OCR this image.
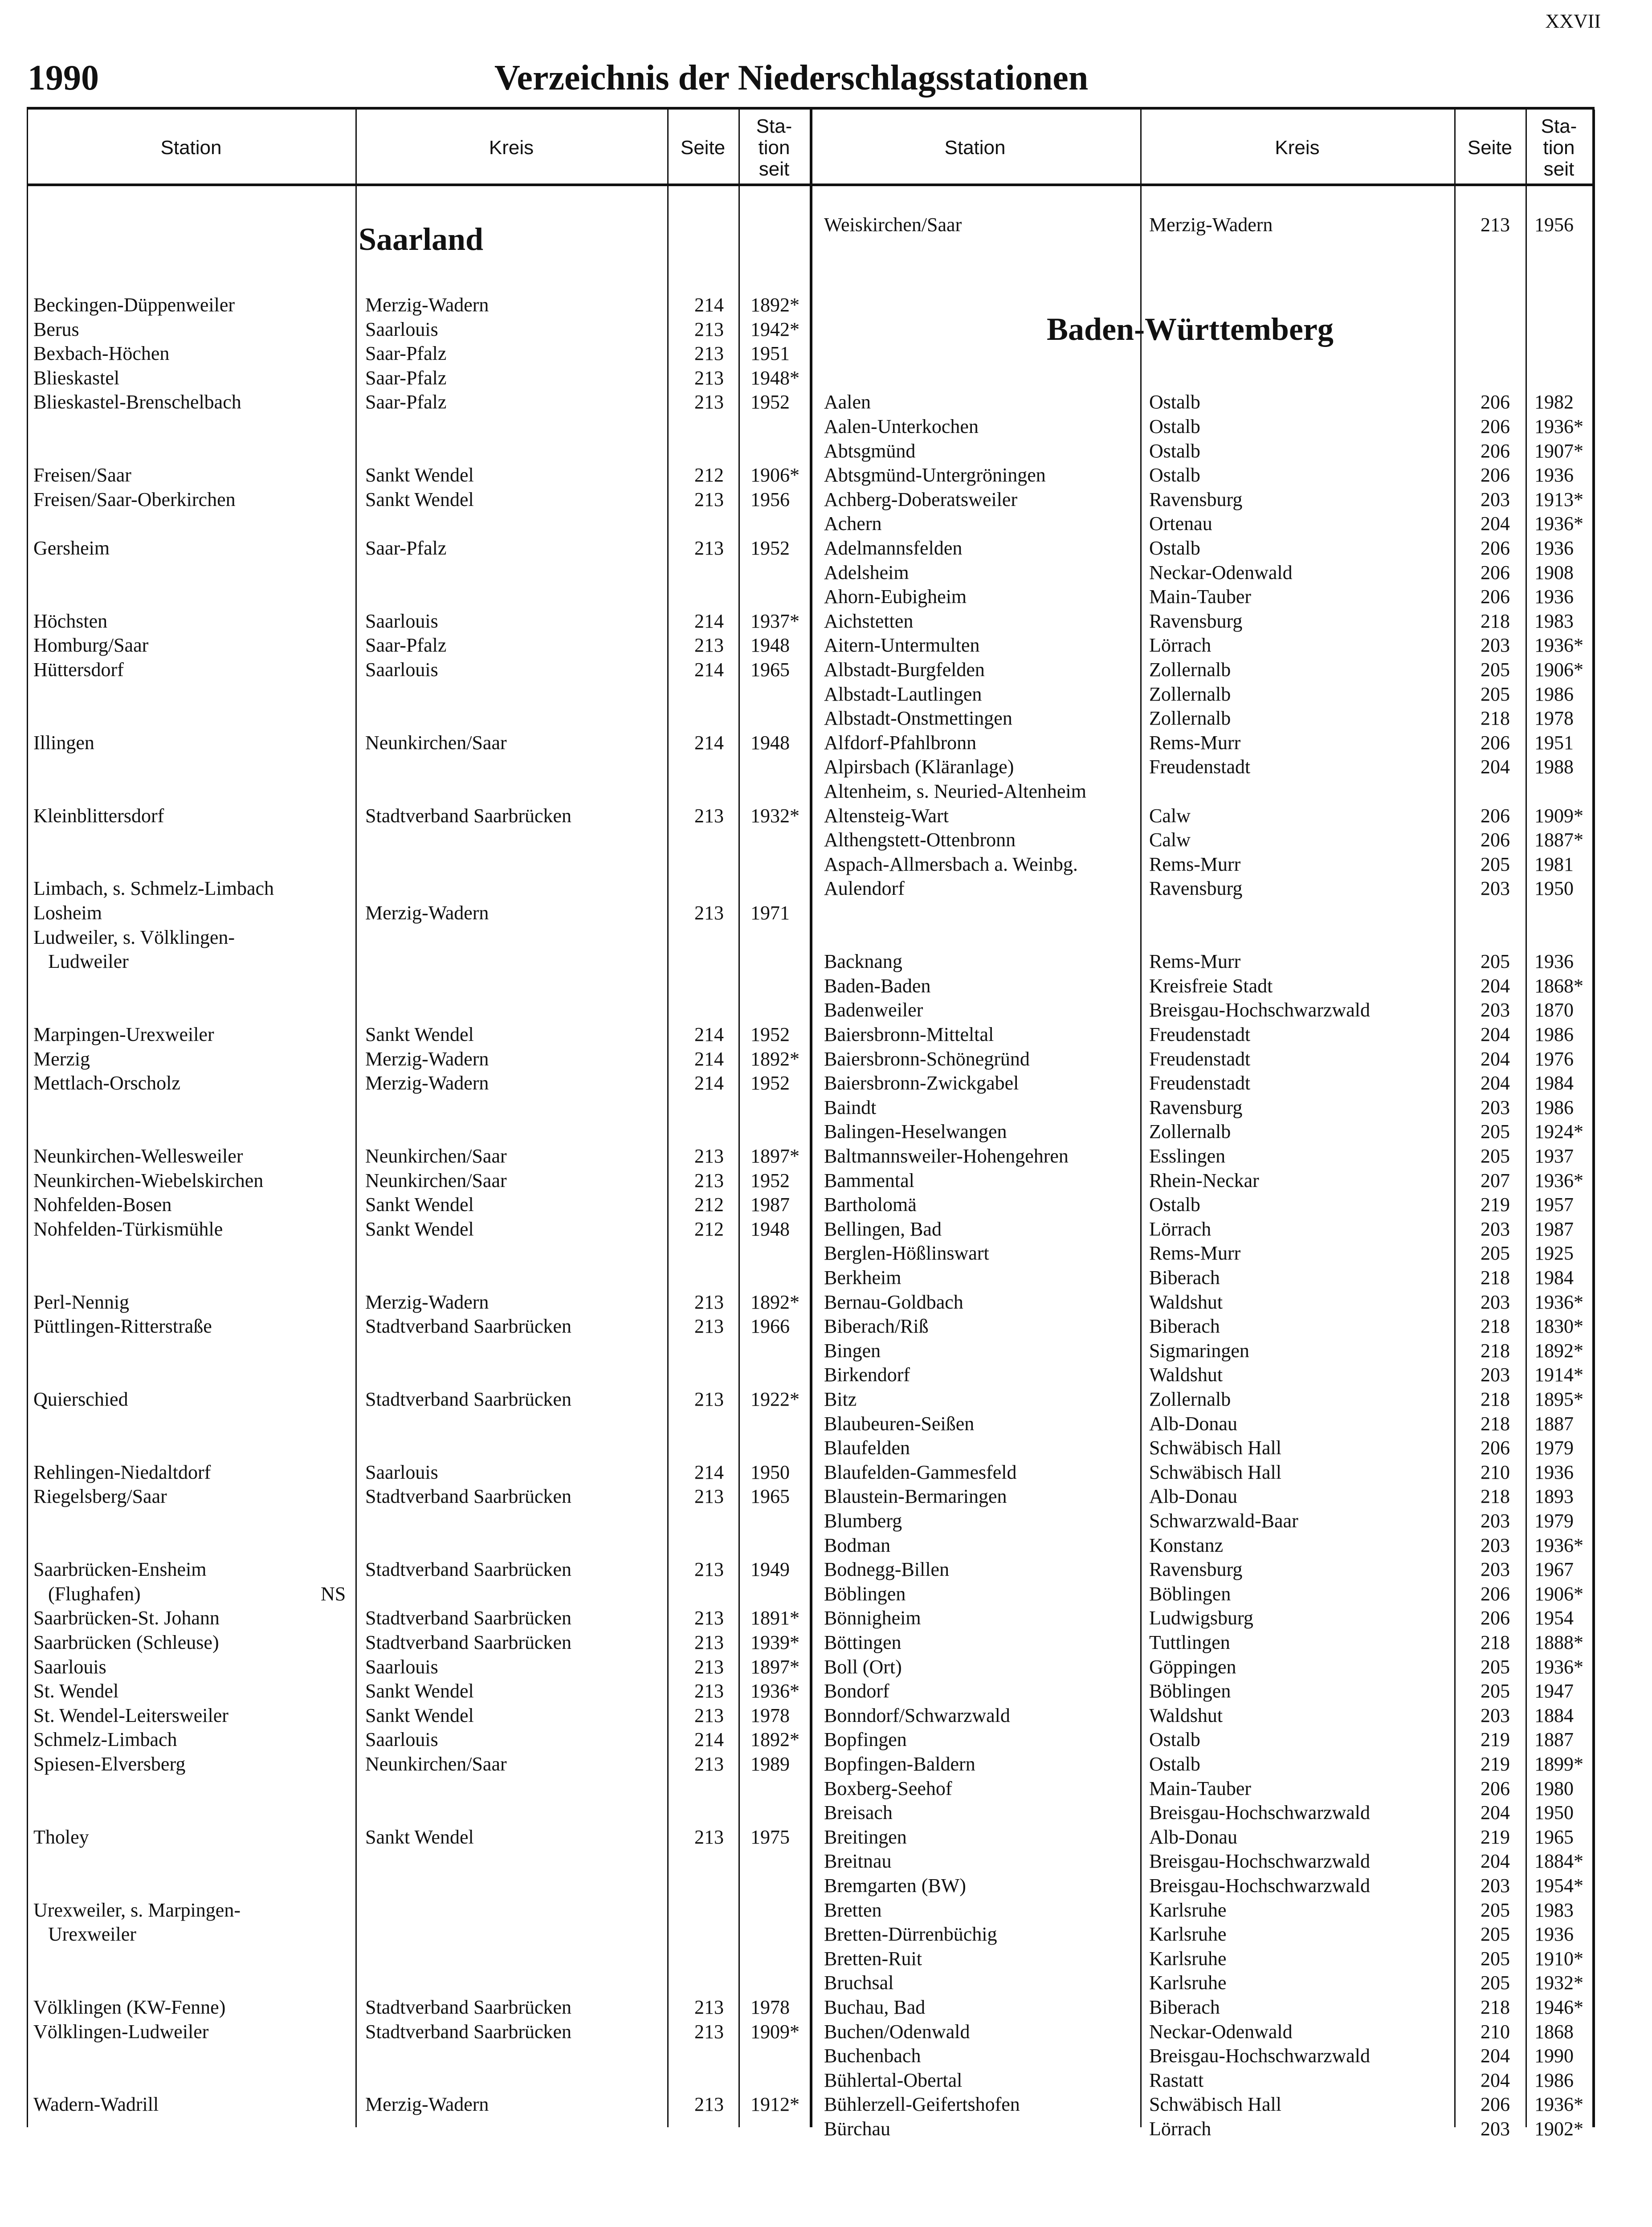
XXVII
1990	Verzeichnis der Niederschlagsstationen
Station	Kreis	Seite
Sta-
tion
seit
Station	Kreis	Seite
Sta-
tion
seit
Saarland
Baden-Württemberg
Weiskirchen/Saar	Merzig-Wadern	213 1956
Beckingen-Düppenweiler	Merzig-Wadern	214 1892*
Berus	Saarlouis	213 1942*
Bexbach-Höchen	Saar-Pfalz	213 1951
Blieskastel	Saar-Pfalz	213 1948*
Blieskastel-Brenschelbach	Saar-Pfalz	213 1952
Freisen/Saar	Sankt Wendel	212 1906*
Freisen/Saar-Oberkirchen	Sankt Wendel	213 1956
Gersheim	Saar-Pfalz	213 1952
Höchsten	Saarlouis	214 1937*
Homburg/Saar	Saar-Pfalz	213 1948
Hüttersdorf	Saarlouis	214 1965
Illingen	Neunkirchen/Saar	214 1948
Kleinblittersdorf	Stadtverband Saarbrücken	213 1932*
Limbach, s. Schmelz-Limbach
Losheim	Merzig-Wadern	213 1971
Ludweiler, s. Völklingen-
Ludweiler
Marpingen-Urexweiler	Sankt Wendel	214 1952
Merzig	Merzig-Wadern	214 1892*
Mettlach-Orscholz	Merzig-Wadern	214 1952
Neunkirchen-Wellesweiler	Neunkirchen/Saar	213 1897*
Neunkirchen-Wiebelskirchen	Neunkirchen/Saar	213 1952
Nohfelden-Bosen	Sankt Wendel	212 1987
Nohfelden-Türkismühle	Sankt Wendel	212 1948
Perl-Nennig	Merzig-Wadern	213 1892*
Püttlingen-Ritterstraße	Stadtverband Saarbrücken	213 1966
Quierschied	Stadtverband Saarbrücken	213 1922*
Rehlingen-Niedaltdorf	Saarlouis	214 1950
Riegelsberg/Saar	Stadtverband Saarbrücken	213 1965
Saarbrücken-Ensheim	Stadtverband Saarbrücken	213 1949
(Flughafen)	NS
Saarbrücken-St. Johann	Stadtverband Saarbrücken	213 1891*
Saarbrücken (Schleuse)	Stadtverband Saarbrücken	213 1939*
Saarlouis	Saarlouis	213 1897*
St. Wendel	Sankt Wendel	213 1936*
St. Wendel-Leitersweiler	Sankt Wendel	213 1978
Schmelz-Limbach	Saarlouis	214 1892*
Spiesen-Elversberg	Neunkirchen/Saar	213 1989
Tholey	Sankt Wendel	213 1975
Urexweiler, s. Marpingen-
Urexweiler
Völklingen (KW-Fenne)	Stadtverband Saarbrücken	213 1978
Völklingen-Ludweiler	Stadtverband Saarbrücken	213 1909*
Wadern-Wadrill	Merzig-Wadern	213 1912*
Aalen	Ostalb	206 1982
Aalen-Unterkochen	Ostalb	206 1936*
Abtsgmünd	Ostalb	206 1907*
Abtsgmünd-Untergröningen	Ostalb	206 1936
Achberg-Doberatsweiler	Ravensburg	203 1913*
Achern	Ortenau	204 1936*
Adelmannsfelden	Ostalb	206 1936
Adelsheim	Neckar-Odenwald	206 1908
Ahorn-Eubigheim	Main-Tauber	206 1936
Aichstetten	Ravensburg	218 1983
Aitern-Untermulten	Lörrach	203 1936*
Albstadt-Burgfelden	Zollernalb	205 1906*
Albstadt-Lautlingen	Zollernalb	205 1986
Albstadt-Onstmettingen	Zollernalb	218 1978
Alfdorf-Pfahlbronn	Rems-Murr	206 1951
Alpirsbach (Kläranlage)	Freudenstadt	204 1988
Altenheim, s. Neuried-Altenheim
Altensteig-Wart	Calw	206 1909*
Althengstett-Ottenbronn	Calw	206 1887*
Aspach-Allmersbach a. Weinbg.	Rems-Murr	205 1981
Aulendorf	Ravensburg	203 1950
Backnang	Rems-Murr	205 1936
Baden-Baden	Kreisfreie Stadt	204 1868*
Badenweiler	Breisgau-Hochschwarzwald	203 1870
Baiersbronn-Mitteltal	Freudenstadt	204 1986
Baiersbronn-Schönegründ	Freudenstadt	204 1976
Baiersbronn-Zwickgabel	Freudenstadt	204 1984
Baindt	Ravensburg	203 1986
Balingen-Heselwangen	Zollernalb	205 1924*
Baltmannsweiler-Hohengehren	Esslingen	205 1937
Bammental	Rhein-Neckar	207 1936*
Bartholomä	Ostalb	219 1957
Bellingen, Bad	Lörrach	203 1987
Berglen-Hößlinswart	Rems-Murr	205 1925
Berkheim	Biberach	218 1984
Bernau-Goldbach	Waldshut	203 1936*
Biberach/Riß	Biberach	218 1830*
Bingen	Sigmaringen	218 1892*
Birkendorf	Waldshut	203 1914*
Bitz	Zollernalb	218 1895*
Blaubeuren-Seißen	Alb-Donau	218 1887
Blaufelden	Schwäbisch Hall	206 1979
Blaufelden-Gammesfeld	Schwäbisch Hall	210 1936
Blaustein-Bermaringen	Alb-Donau	218 1893
Blumberg	Schwarzwald-Baar	203 1979
Bodman	Konstanz	203 1936*
Bodnegg-Billen	Ravensburg	203 1967
Böblingen	Böblingen	206 1906*
Bönnigheim	Ludwigsburg	206 1954
Böttingen	Tuttlingen	218 1888*
Boll (Ort)	Göppingen	205 1936*
Bondorf	Böblingen	205 1947
Bonndorf/Schwarzwald	Waldshut	203 1884
Bopfingen	Ostalb	219 1887
Bopfingen-Baldern	Ostalb	219 1899*
Boxberg-Seehof	Main-Tauber	206 1980
Breisach	Breisgau-Hochschwarzwald	204 1950
Breitingen	Alb-Donau	219 1965
Breitnau	Breisgau-Hochschwarzwald	204 1884*
Bremgarten (BW)	Breisgau-Hochschwarzwald	203 1954*
Bretten	Karlsruhe	205 1983
Bretten-Dürrenbüchig	Karlsruhe	205 1936
Bretten-Ruit	Karlsruhe	205 1910*
Bruchsal	Karlsruhe	205 1932*
Buchau, Bad	Biberach	218 1946*
Buchen/Odenwald	Neckar-Odenwald	210 1868
Buchenbach	Breisgau-Hochschwarzwald	204 1990
Bühlertal-Obertal	Rastatt	204 1986
Bühlerzell-Geifertshofen	Schwäbisch Hall	206 1936*
Bürchau	Lörrach	203 1902*
